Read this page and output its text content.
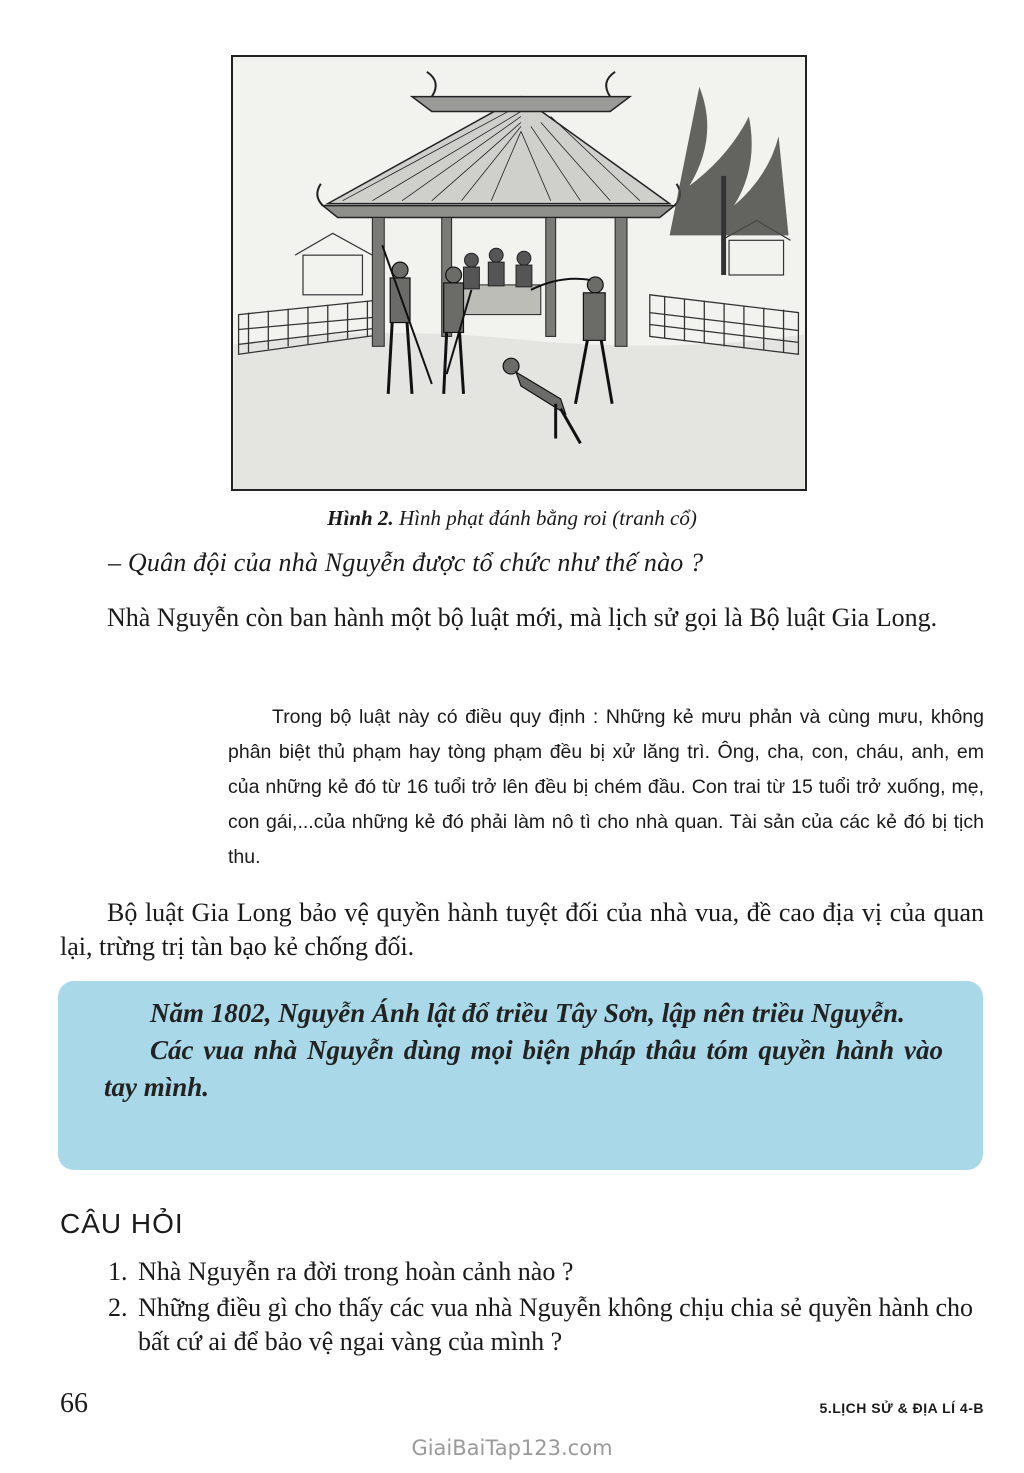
Hình 2. Hình phạt đánh bằng roi (tranh cổ)
– Quân đội của nhà Nguyễn được tổ chức như thế nào ?

Nhà Nguyễn còn ban hành một bộ luật mới, mà lịch sử gọi là Bộ luật Gia Long.

Trong bộ luật này có điều quy định : Những kẻ mưu phản và cùng mưu, không phân biệt thủ phạm hay tòng phạm đều bị xử lăng trì. Ông, cha, con, cháu, anh, em của những kẻ đó từ 16 tuổi trở lên đều bị chém đầu. Con trai từ 15 tuổi trở xuống, mẹ, con gái,...của những kẻ đó phải làm nô tì cho nhà quan. Tài sản của các kẻ đó bị tịch thu.

Bộ luật Gia Long bảo vệ quyền hành tuyệt đối của nhà vua, đề cao địa vị của quan lại, trừng trị tàn bạo kẻ chống đối.

Năm 1802, Nguyễn Ánh lật đổ triều Tây Sơn, lập nên triều Nguyễn.

Các vua nhà Nguyễn dùng mọi biện pháp thâu tóm quyền hành vào tay mình.

CÂU HỎI
1. Nhà Nguyễn ra đời trong hoàn cảnh nào ?
2. Những điều gì cho thấy các vua nhà Nguyễn không chịu chia sẻ quyền hành cho bất cứ ai để bảo vệ ngai vàng của mình ?
66	5.LỊCH SỬ & ĐỊA LÍ 4-B
GiaiBaiTap123.com
